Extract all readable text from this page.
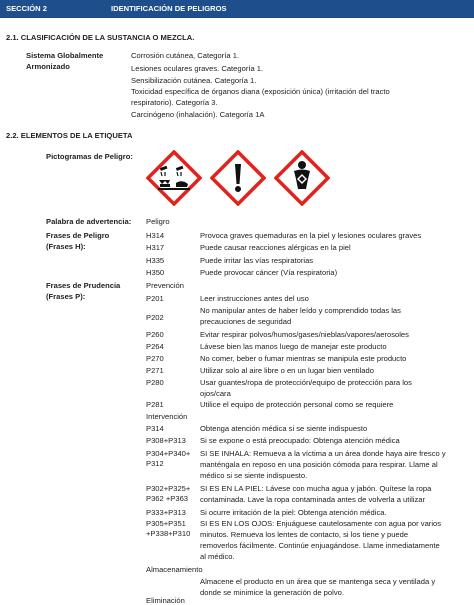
SECCIÓN 2	IDENTIFICACIÓN DE PELIGROS
2.1. CLASIFICACIÓN DE LA SUSTANCIA O MEZCLA.
Sistema Globalmente
Armonizado
Corrosión cutánea, Categoría 1.
Lesiones oculares graves. Categoría 1.
Sensibilización cutánea. Categoría 1.
Toxicidad específica de órganos diana (exposición única) (irritación del tracto
respiratorio). Categoría 3.
Carcinógeno (inhalación). Categoría 1A
2.2. ELEMENTOS DE LA ETIQUETA
Pictogramas de Peligro:
Palabra de advertencia: Peligro
Frases de Peligro
(Frases H):
H314	Provoca graves quemaduras en la piel y lesiones oculares graves
H317	Puede causar reacciones alérgicas en la piel
H335	Puede irritar las vías respiratorias
H350	Puede provocar cáncer (Vía respiratoria)
Frases de Prudencia
(Frases P):
Prevención
P201	Leer instrucciones antes del uso
P202
No manipular antes de haber leído y comprendido todas las
precauciones de seguridad
P260	Evitar respirar polvos/humos/gases/nieblas/vapores/aerosoles
P264	Lávese bien las manos luego de manejar este producto
P270	No comer, beber o fumar mientras se manipula este producto
P271	Utilizar solo al aire libre o en un lugar bien ventilado
P280	Usar guantes/ropa de protección/equipo de protección para los
ojos/cara
P281	Utilice el equipo de protección personal como se requiere
Intervención
P314	Obtenga atención médica si se siente indispuesto
P308+P313 Si se expone o está preocupado: Obtenga atención médica
P304+P340+
P312
SI SE INHALA: Remueva a la víctima a un área donde haya aire fresco y
manténgala en reposo en una posición cómoda para respirar. Llame al
médico si se siente indispuesto.
P302+P325+
P362 +P363
SI ES EN LA PIEL: Lávese con mucha agua y jabón. Quítese la ropa
contaminada. Lave la ropa contaminada antes de volverla a utilizar
P333+P313 Si ocurre irritación de la piel: Obtenga atención médica.
P305+P351
+P338+P310
SI ES EN LOS OJOS: Enjuáguese cautelosamente con agua por varios
minutos. Remueva los lentes de contacto, si los tiene y puede
removerlos fácilmente. Continúe enjuagándose. Llame inmediatamente
al médico.
Almacenamiento
Almacene el producto en un área que se mantenga seca y ventilada y
donde se minimice la generación de polvo.
Eliminación
